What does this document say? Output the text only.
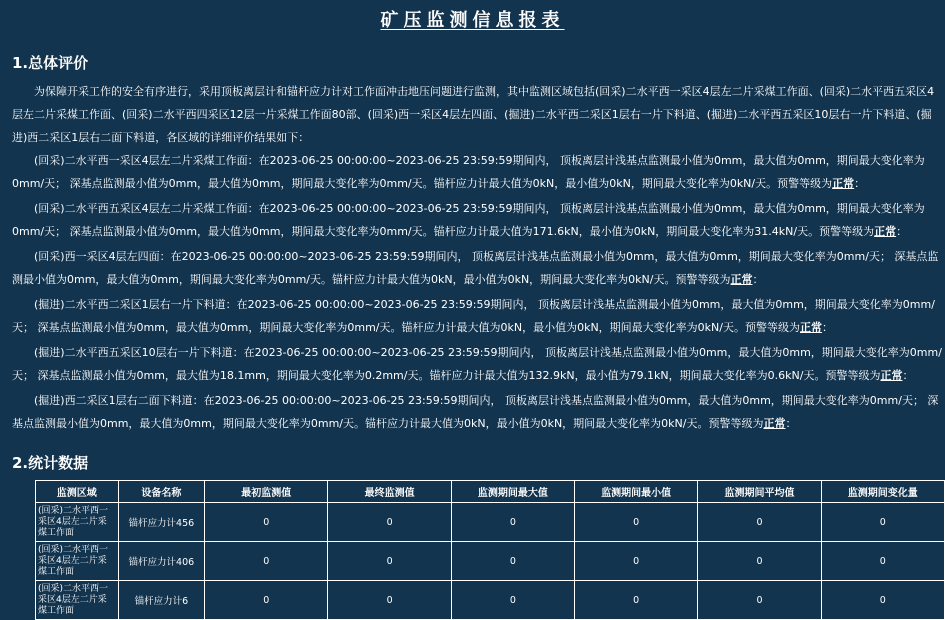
矿压监测信息报表
1.总体评价

为保障开采工作的安全有序进行，采用顶板离层计和锚杆应力计对工作面冲击地压问题进行监测，其中监测区域包括(回采)二水平西一采区4层左二片采煤工作面、(回采)二水平西五采区4层左二片采煤工作面、(回采)二水平西四采区12层一片采煤工作面80部、(回采)西一采区4层左四面、(掘进)二水平西二采区1层右一片下料道、(掘进)二水平西五采区10层右一片下料道、(掘进)西二采区1层右二面下料道，各区域的详细评价结果如下：

(回采)二水平西一采区4层左二片采煤工作面：在2023-06-25 00:00:00~2023-06-25 23:59:59期间内， 顶板离层计浅基点监测最小值为0mm，最大值为0mm，期间最大变化率为0mm/天； 深基点监测最小值为0mm，最大值为0mm，期间最大变化率为0mm/天。锚杆应力计最大值为0kN，最小值为0kN，期间最大变化率为0kN/天。预警等级为正常：

(回采)二水平西五采区4层左二片采煤工作面：在2023-06-25 00:00:00~2023-06-25 23:59:59期间内， 顶板离层计浅基点监测最小值为0mm，最大值为0mm，期间最大变化率为0mm/天； 深基点监测最小值为0mm，最大值为0mm，期间最大变化率为0mm/天。锚杆应力计最大值为171.6kN，最小值为0kN，期间最大变化率为31.4kN/天。预警等级为正常：

(回采)西一采区4层左四面：在2023-06-25 00:00:00~2023-06-25 23:59:59期间内， 顶板离层计浅基点监测最小值为0mm，最大值为0mm，期间最大变化率为0mm/天； 深基点监测最小值为0mm，最大值为0mm，期间最大变化率为0mm/天。锚杆应力计最大值为0kN，最小值为0kN，期间最大变化率为0kN/天。预警等级为正常：

(掘进)二水平西二采区1层右一片下料道：在2023-06-25 00:00:00~2023-06-25 23:59:59期间内， 顶板离层计浅基点监测最小值为0mm，最大值为0mm，期间最大变化率为0mm/天； 深基点监测最小值为0mm，最大值为0mm，期间最大变化率为0mm/天。锚杆应力计最大值为0kN，最小值为0kN，期间最大变化率为0kN/天。预警等级为正常：

(掘进)二水平西五采区10层右一片下料道：在2023-06-25 00:00:00~2023-06-25 23:59:59期间内， 顶板离层计浅基点监测最小值为0mm，最大值为0mm，期间最大变化率为0mm/天； 深基点监测最小值为0mm，最大值为18.1mm，期间最大变化率为0.2mm/天。锚杆应力计最大值为132.9kN，最小值为79.1kN，期间最大变化率为0.6kN/天。预警等级为正常：

(掘进)西二采区1层右二面下料道：在2023-06-25 00:00:00~2023-06-25 23:59:59期间内， 顶板离层计浅基点监测最小值为0mm，最大值为0mm，期间最大变化率为0mm/天； 深基点监测最小值为0mm，最大值为0mm，期间最大变化率为0mm/天。锚杆应力计最大值为0kN，最小值为0kN，期间最大变化率为0kN/天。预警等级为正常：

2.统计数据
监测区域	设备名称	最初监测值	最终监测值	监测期间最大值	监测期间最小值	监测期间平均值	监测期间变化量
(回采)二水平西一采区4层左二片采煤工作面	锚杆应力计456	0	0	0	0	0	0
(回采)二水平西一采区4层左二片采煤工作面	锚杆应力计406	0	0	0	0	0	0
(回采)二水平西一采区4层左二片采煤工作面	锚杆应力计6	0	0	0	0	0	0
